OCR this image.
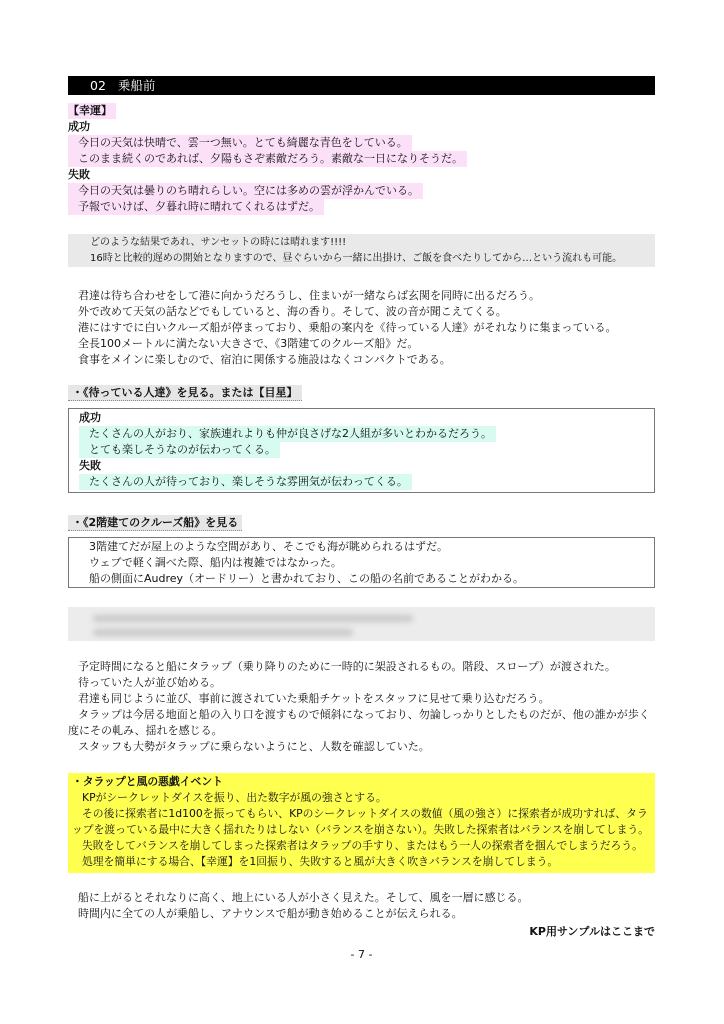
02 乗船前
【幸運】
成功
今日の天気は快晴で、雲一つ無い。とても綺麗な青色をしている。
このまま続くのであれば、夕陽もさぞ素敵だろう。素敵な一日になりそうだ。
失敗
今日の天気は曇りのち晴れらしい。空には多めの雲が浮かんでいる。
予報でいけば、夕暮れ時に晴れてくれるはずだ。
どのような結果であれ、サンセットの時には晴れます!!!!
16時と比較的遅めの開始となりますので、昼ぐらいから一緒に出掛け、ご飯を食べたりしてから…という流れも可能。
君達は待ち合わせをして港に向かうだろうし、住まいが一緒ならば玄関を同時に出るだろう。
外で改めて天気の話などでもしていると、海の香り。そして、波の音が聞こえてくる。
港にはすでに白いクルーズ船が停まっており、乗船の案内を《待っている人達》がそれなりに集まっている。
全長100メートルに満たない大きさで、《3階建てのクルーズ船》だ。
食事をメインに楽しむので、宿泊に関係する施設はなくコンパクトである。
・《待っている人達》を見る。または【目星】
成功
たくさんの人がおり、家族連れよりも仲が良さげな2人組が多いとわかるだろう。
とても楽しそうなのが伝わってくる。
失敗
たくさんの人が待っており、楽しそうな雰囲気が伝わってくる。
・《2階建てのクルーズ船》を見る
3階建てだが屋上のような空間があり、そこでも海が眺められるはずだ。
ウェブで軽く調べた際、船内は複雑ではなかった。
船の側面にAudrey（オードリー）と書かれており、この船の名前であることがわかる。
予定時間になると船にタラップ（乗り降りのために一時的に架設されるもの。階段、スロープ）が渡された。
待っていた人が並び始める。
君達も同じように並び、事前に渡されていた乗船チケットをスタッフに見せて乗り込むだろう。
タラップは今居る地面と船の入り口を渡すもので傾斜になっており、勿論しっかりとしたものだが、他の誰かが歩く度にその軋み、揺れを感じる。
スタッフも大勢がタラップに乗らないようにと、人数を確認していた。
・タラップと風の悪戯イベント
KPがシークレットダイスを振り、出た数字が風の強さとする。
その後に探索者に1d100を振ってもらい、KPのシークレットダイスの数値（風の強さ）に探索者が成功すれば、タラップを渡っている最中に大きく揺れたりはしない（バランスを崩さない）。失敗した探索者はバランスを崩してしまう。
失敗をしてバランスを崩してしまった探索者はタラップの手すり、またはもう一人の探索者を掴んでしまうだろう。
処理を簡単にする場合、【幸運】を1回振り、失敗すると風が大きく吹きバランスを崩してしまう。
船に上がるとそれなりに高く、地上にいる人が小さく見えた。そして、風を一層に感じる。
時間内に全ての人が乗船し、アナウンスで船が動き始めることが伝えられる。
KP用サンプルはここまで
- 7 -
